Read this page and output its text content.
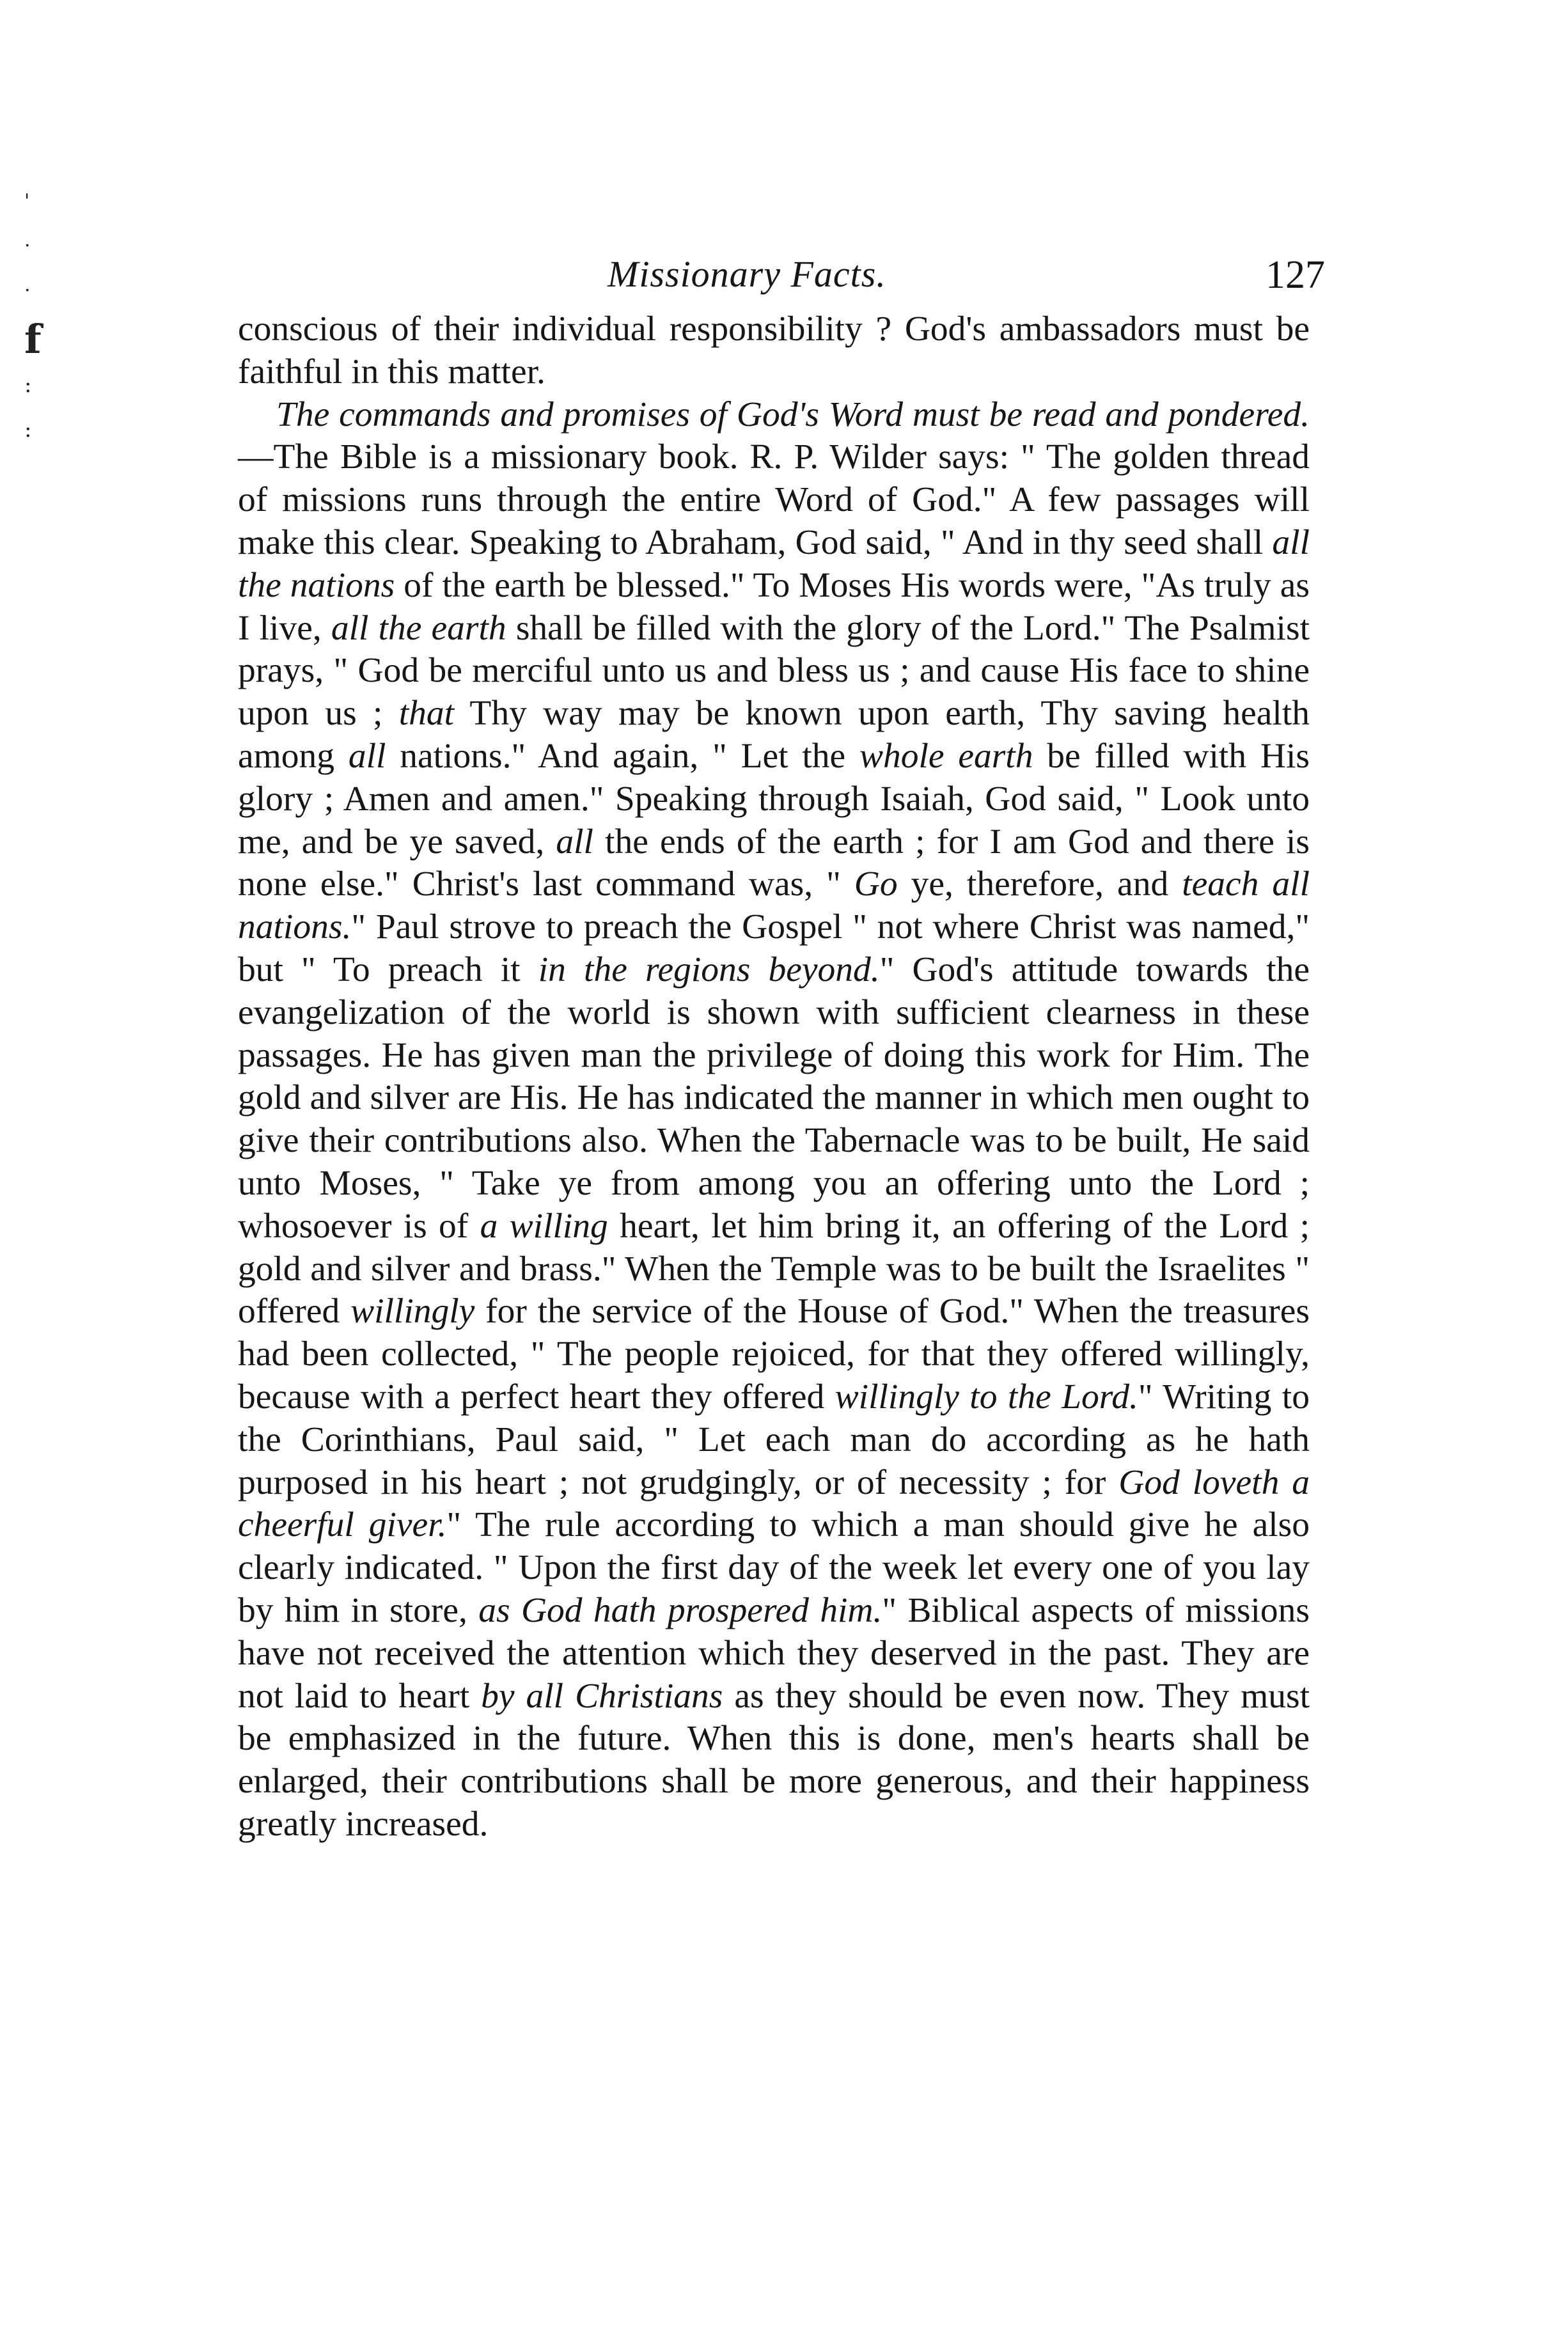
'
·
·
f
:
:
Missionary Facts.	127

conscious of their individual responsibility ? God's ambassadors must be faithful in this matter.

The commands and promises of God's Word must be read and pondered.—The Bible is a missionary book. R. P. Wilder says: " The golden thread of missions runs through the entire Word of God." A few passages will make this clear. Speaking to Abraham, God said, " And in thy seed shall all the nations of the earth be blessed." To Moses His words were, "As truly as I live, all the earth shall be filled with the glory of the Lord." The Psalmist prays, " God be merciful unto us and bless us ; and cause His face to shine upon us ; that Thy way may be known upon earth, Thy saving health among all nations." And again, " Let the whole earth be filled with His glory ; Amen and amen." Speaking through Isaiah, God said, " Look unto me, and be ye saved, all the ends of the earth ; for I am God and there is none else." Christ's last command was, " Go ye, therefore, and teach all nations." Paul strove to preach the Gospel " not where Christ was named," but " To preach it in the regions beyond." God's attitude towards the evangelization of the world is shown with sufficient clearness in these passages. He has given man the privilege of doing this work for Him. The gold and silver are His. He has indicated the manner in which men ought to give their contributions also. When the Tabernacle was to be built, He said unto Moses, " Take ye from among you an offering unto the Lord ; whosoever is of a willing heart, let him bring it, an offering of the Lord ; gold and silver and brass." When the Temple was to be built the Israelites " offered willingly for the service of the House of God." When the treasures had been collected, " The people rejoiced, for that they offered willingly, because with a perfect heart they offered willingly to the Lord." Writing to the Corinthians, Paul said, " Let each man do according as he hath purposed in his heart ; not grudgingly, or of necessity ; for God loveth a cheerful giver." The rule according to which a man should give he also clearly indicated. " Upon the first day of the week let every one of you lay by him in store, as God hath prospered him." Biblical aspects of missions have not received the attention which they deserved in the past. They are not laid to heart by all Christians as they should be even now. They must be emphasized in the future. When this is done, men's hearts shall be enlarged, their contributions shall be more generous, and their happiness greatly increased.
